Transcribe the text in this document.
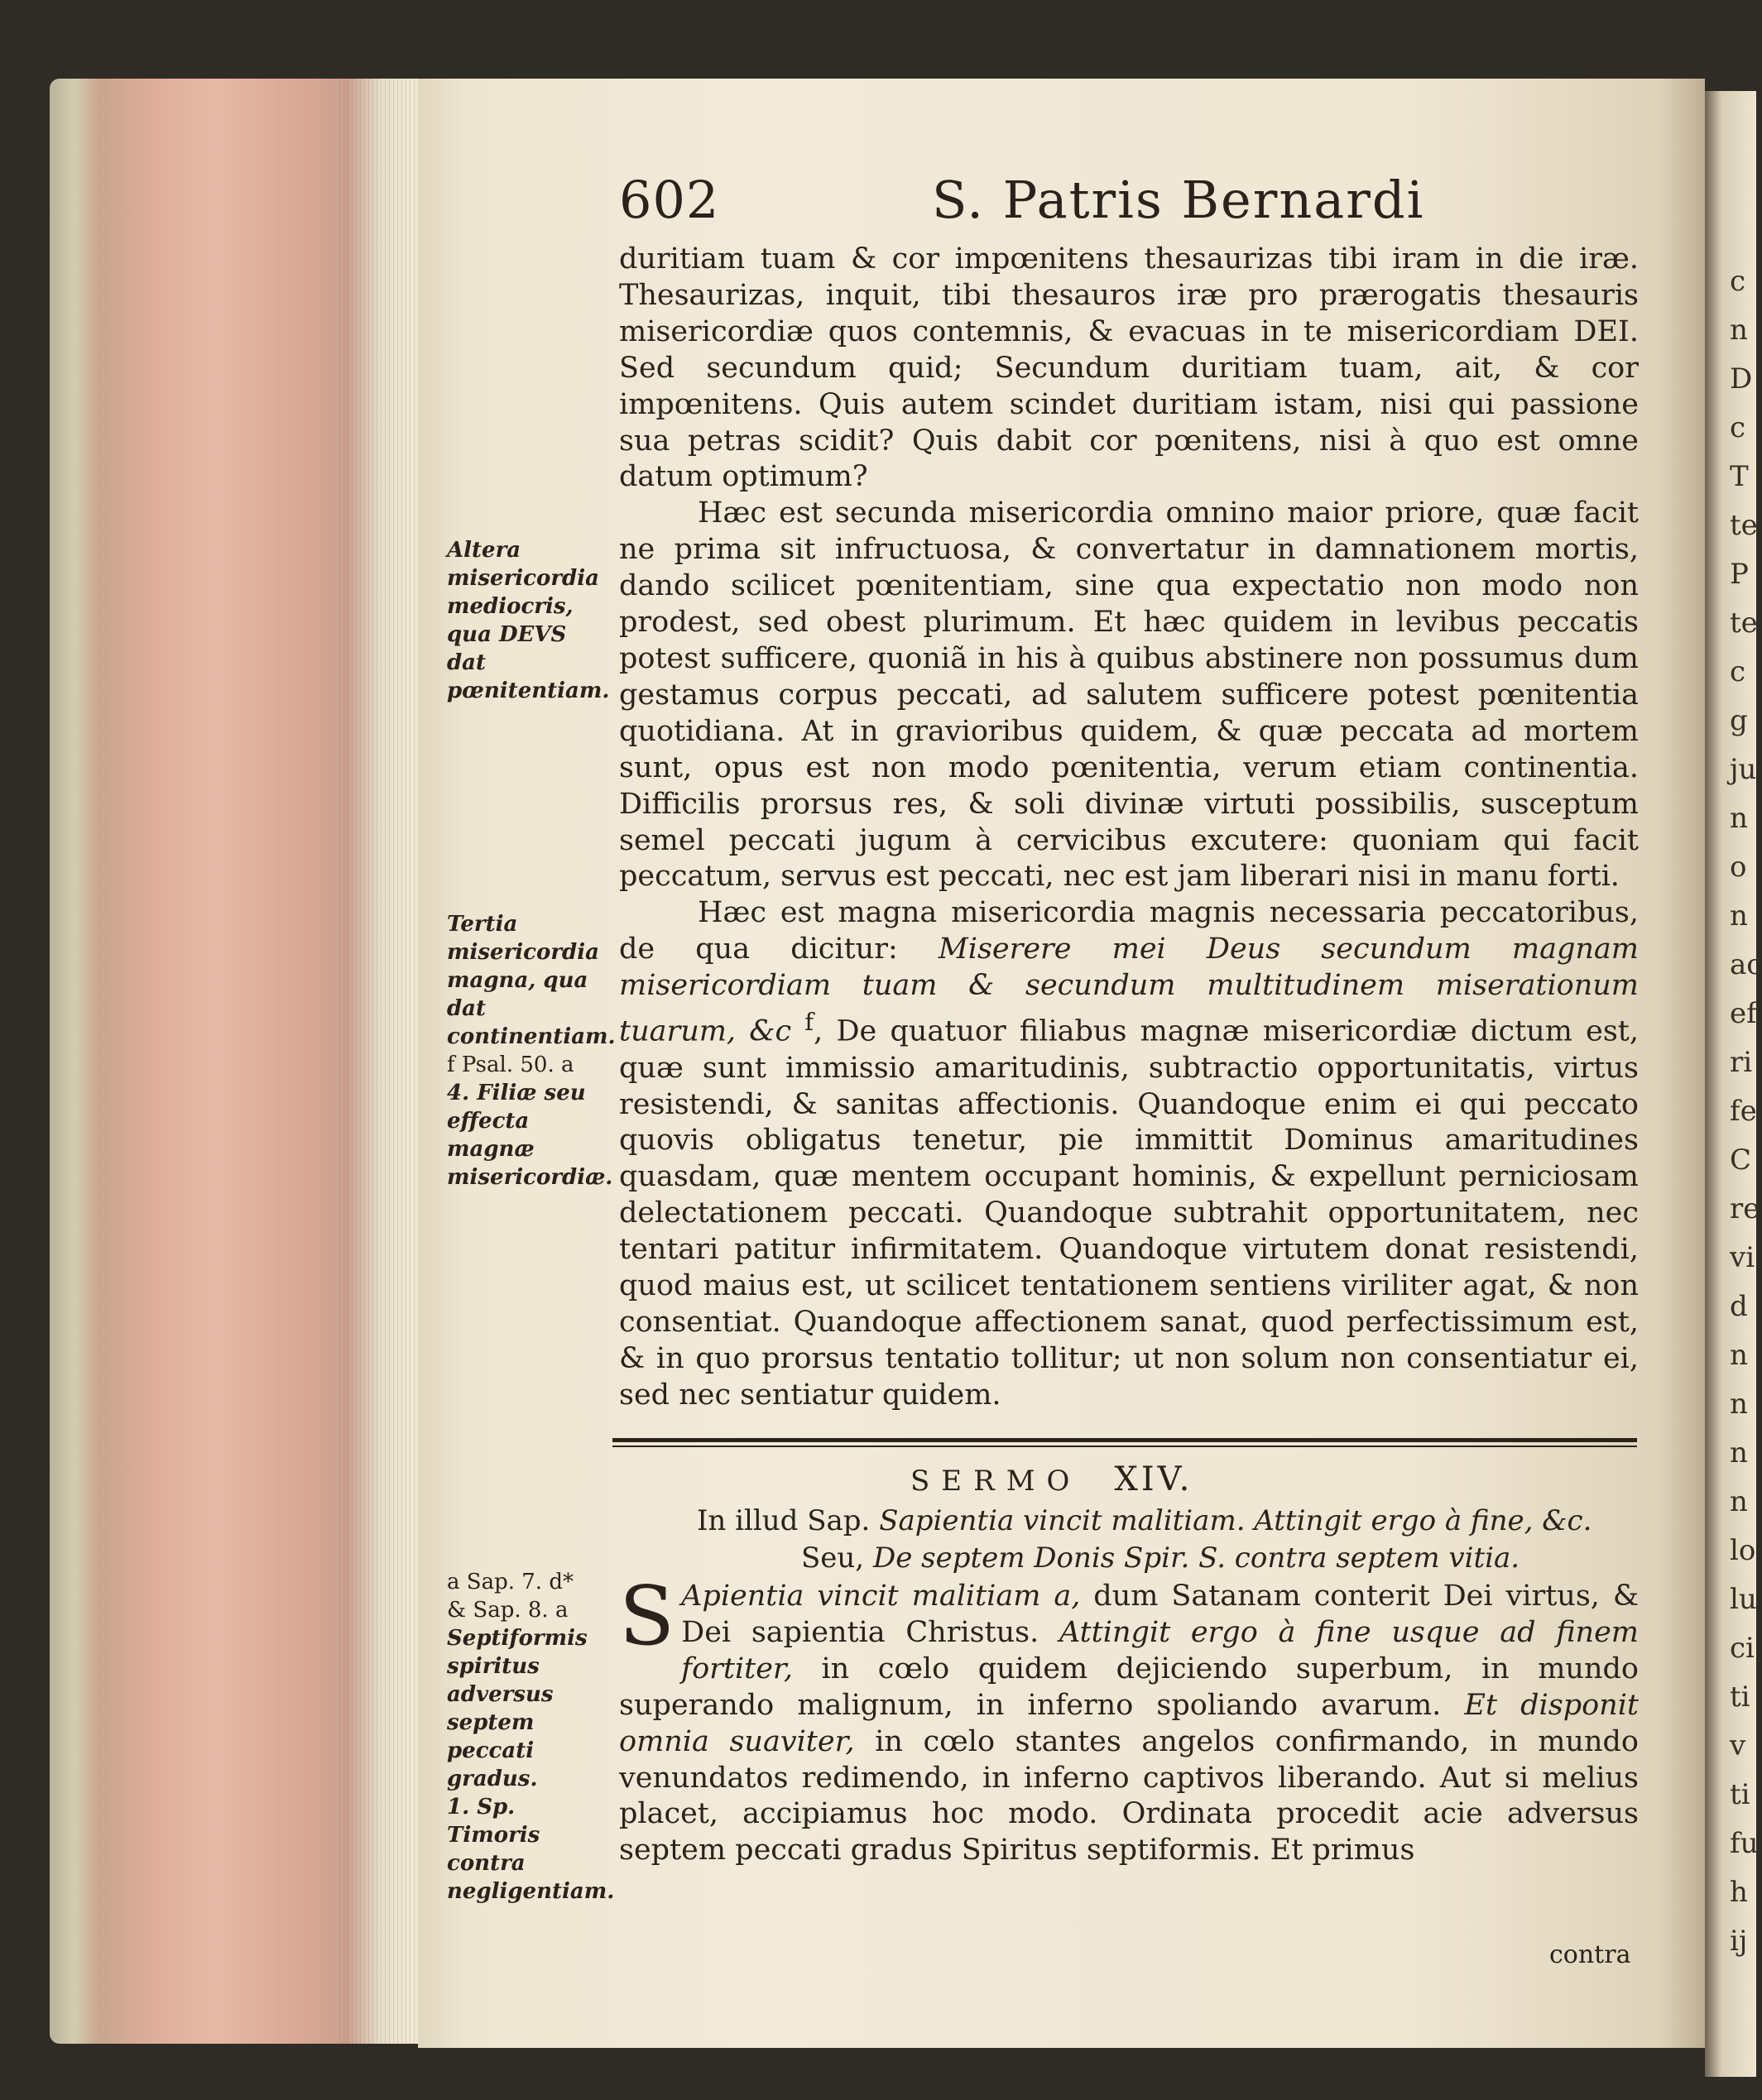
c
n
D
c
T
te
P
te
c
g
ju
n
o
n
ac
ef
ri
fe
C
re
vi
d
n
n
n
n
lo
lu
ci
ti
v
ti
fu
h
ij
602	S. Patris Bernardi

duritiam tuam & cor impœnitens thesaurizas tibi iram in die iræ. Thesaurizas, inquit, tibi thesauros iræ pro prærogatis thesauris misericordiæ quos contemnis, & evacuas in te misericordiam DEI. Sed secundum quid; Secundum duritiam tuam, ait, & cor impœnitens. Quis autem scindet duritiam istam, nisi qui passione sua petras scidit? Quis dabit cor pœnitens, nisi à quo est omne datum optimum?

Hæc est secunda misericordia omnino maior priore, quæ facit ne prima sit infructuosa, & convertatur in damnationem mortis, dando scilicet pœnitentiam, sine qua expectatio non modo non prodest, sed obest plurimum. Et hæc quidem in levibus peccatis potest sufficere, quoniã in his à quibus abstinere non possumus dum gestamus corpus peccati, ad salutem sufficere potest pœnitentia quotidiana. At in gravioribus quidem, & quæ peccata ad mortem sunt, opus est non modo pœnitentia, verum etiam continentia. Difficilis prorsus res, & soli divinæ virtuti possibilis, susceptum semel peccati jugum à cervicibus excutere: quoniam qui facit peccatum, servus est peccati, nec est jam liberari nisi in manu forti.

Hæc est magna misericordia magnis necessaria peccatoribus, de qua dicitur: Miserere mei Deus secundum magnam misericordiam tuam & secundum multitudinem miserationum tuarum, &c $^f$, De quatuor filiabus magnæ misericordiæ dictum est, quæ sunt immissio amaritudinis, subtractio opportunitatis, virtus resistendi, & sanitas affectionis. Quandoque enim ei qui peccato quovis obligatus tenetur, pie immittit Dominus amaritudines quasdam, quæ mentem occupant hominis, & expellunt perniciosam delectationem peccati. Quandoque subtrahit opportunitatem, nec tentari patitur infirmitatem. Quandoque virtutem donat resistendi, quod maius est, ut scilicet tentationem sentiens viriliter agat, & non consentiat. Quandoque affectionem sanat, quod perfectissimum est, & in quo prorsus tentatio tollitur; ut non solum non consentiatur ei, sed nec sentiatur quidem.

Altera misericordia mediocris, qua DEVS dat pœnitentiam.
Tertia misericordia magna, qua dat continentiam.
f Psal. 50. a
4. Filiæ seu effecta magnæ misericordiæ.
a Sap. 7. d*
& Sap. 8. a
Septiformis spiritus adversus septem peccati gradus.
1. Sp. Timoris contra negligentiam.
SERMO XIV.
In illud Sap. Sapientia vincit malitiam. Attingit ergo à fine, &c.
Seu, De septem Donis Spir. S. contra septem vitia.
S Apientia vincit malitiam a, dum Satanam conterit Dei virtus, & Dei sapientia Christus. Attingit ergo à fine usque ad finem fortiter, in cœlo quidem dejiciendo superbum, in mundo superando malignum, in inferno spoliando avarum. Et disponit omnia suaviter, in cœlo stantes angelos confirmando, in mundo venundatos redimendo, in inferno captivos liberando. Aut si melius placet, accipiamus hoc modo. Ordinata procedit acie adversus septem peccati gradus Spiritus septiformis. Et primus
contra
